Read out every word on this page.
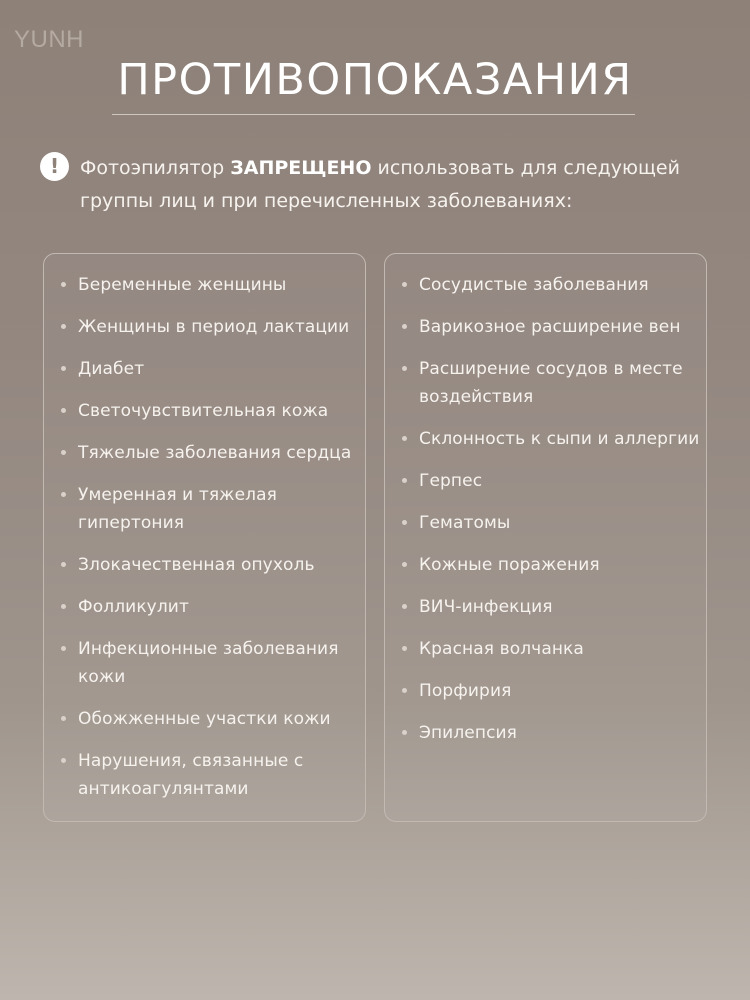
YUNH
ПРОТИВОПОКАЗАНИЯ
!	Фотоэпилятор ЗАПРЕЩЕНО использовать для следующей группы лиц и при перечисленных заболеваниях:
Беременные женщины
Женщины в период лактации
Диабет
Светочувствительная кожа
Тяжелые заболевания сердца
Умеренная и тяжелая гипертония
Злокачественная опухоль
Фолликулит
Инфекционные заболевания кожи
Обожженные участки кожи
Нарушения, связанные с антикоагулянтами
Сосудистые заболевания
Варикозное расширение вен
Расширение сосудов в месте воздействия
Склонность к сыпи и аллергии
Герпес
Гематомы
Кожные поражения
ВИЧ-инфекция
Красная волчанка
Порфирия
Эпилепсия
